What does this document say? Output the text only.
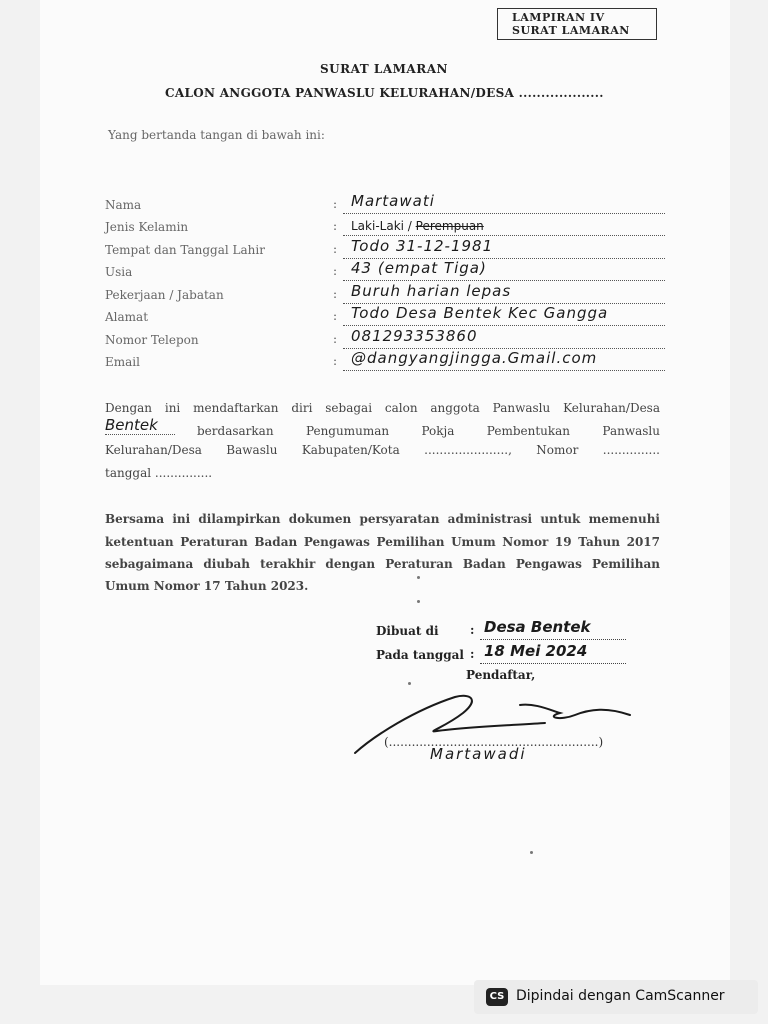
LAMPIRAN IV
SURAT LAMARAN
SURAT LAMARAN
CALON ANGGOTA PANWASLU KELURAHAN/DESA ...................
Yang bertanda tangan di bawah ini:
Nama	: Martawati
Jenis Kelamin	: Laki-Laki / Perempuan
Tempat dan Tanggal Lahir	: Todo 31-12-1981
Usia	: 43 (empat Tiga)
Pekerjaan / Jabatan	: Buruh harian lepas
Alamat	: Todo Desa Bentek Kec Gangga
Nomor Telepon	: 081293353860
Email	: @dangyangjingga.Gmail.com
Dengan ini mendaftarkan diri sebagai calon anggota Panwaslu Kelurahan/Desa
Bentek	berdasarkan Pengumuman Pokja Pembentukan Panwaslu
Kelurahan/Desa Bawaslu Kabupaten/Kota ......................, Nomor ...............
tanggal ...............
Bersama ini dilampirkan dokumen persyaratan administrasi untuk memenuhi
ketentuan Peraturan Badan Pengawas Pemilihan Umum Nomor 19 Tahun 2017
sebagaimana diubah terakhir dengan Peraturan Badan Pengawas Pemilihan
Umum Nomor 17 Tahun 2023.
Dibuat di	: Desa Bentek
Pada tanggal : 18 Mei 2024
Pendaftar,
(.......................................................)
Martawadi
CS Dipindai dengan CamScanner
